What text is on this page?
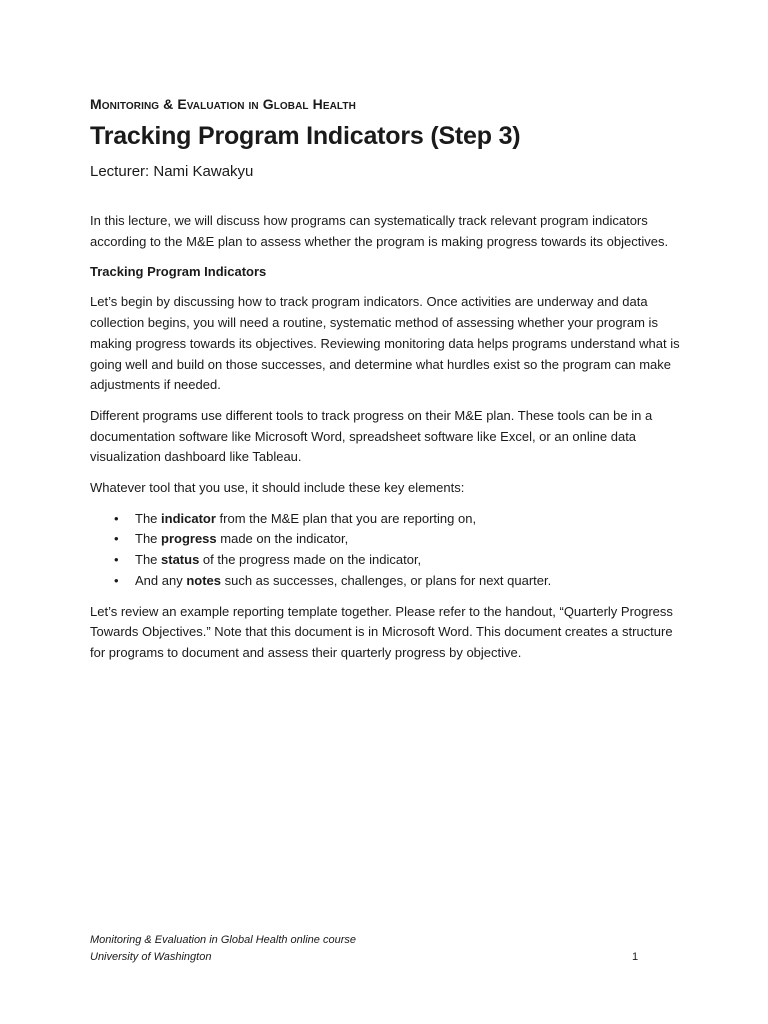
Monitoring & Evaluation in Global Health

Tracking Program Indicators (Step 3)

Lecturer: Nami Kawakyu

In this lecture, we will discuss how programs can systematically track relevant program indicators according to the M&E plan to assess whether the program is making progress towards its objectives.

Tracking Program Indicators

Let’s begin by discussing how to track program indicators. Once activities are underway and data collection begins, you will need a routine, systematic method of assessing whether your program is making progress towards its objectives. Reviewing monitoring data helps programs understand what is going well and build on those successes, and determine what hurdles exist so the program can make adjustments if needed.

Different programs use different tools to track progress on their M&E plan. These tools can be in a documentation software like Microsoft Word, spreadsheet software like Excel, or an online data visualization dashboard like Tableau.

Whatever tool that you use, it should include these key elements:

• The indicator from the M&E plan that you are reporting on,
• The progress made on the indicator,
• The status of the progress made on the indicator,
• And any notes such as successes, challenges, or plans for next quarter.

Let’s review an example reporting template together. Please refer to the handout, “Quarterly Progress Towards Objectives.” Note that this document is in Microsoft Word. This document creates a structure for programs to document and assess their quarterly progress by objective.

Monitoring & Evaluation in Global Health online course
University of Washington	1
